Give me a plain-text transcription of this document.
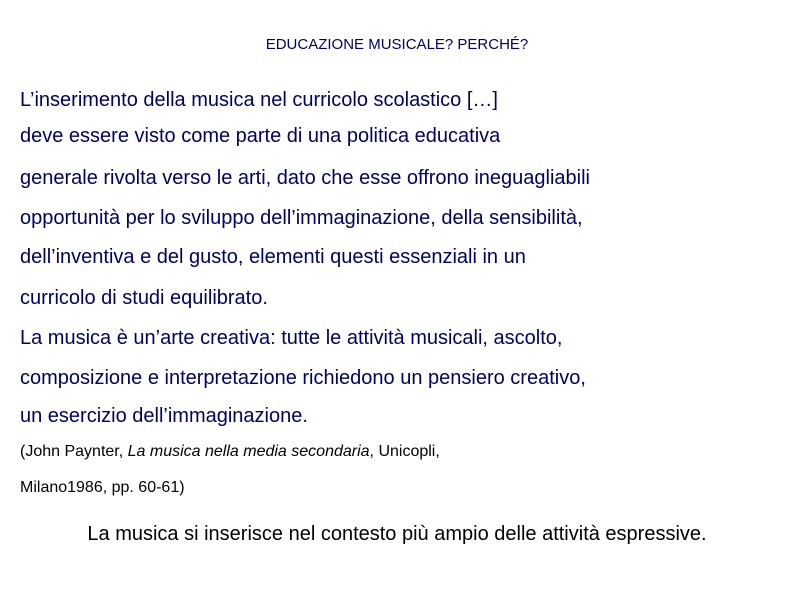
EDUCAZIONE MUSICALE? PERCHÉ?
L’inserimento della musica nel curricolo scolastico […]
deve essere visto come parte di una politica educativa
generale rivolta verso le arti, dato che esse offrono ineguagliabili
opportunità per lo sviluppo dell’immaginazione, della sensibilità,
dell’inventiva e del gusto, elementi questi essenziali in un
curricolo di studi equilibrato.
La musica è un’arte creativa: tutte le attività musicali, ascolto,
composizione e interpretazione richiedono un pensiero creativo,
un esercizio dell’immaginazione.
(John Paynter, La musica nella media secondaria, Unicopli,
Milano1986, pp. 60-61)
La musica si inserisce nel contesto più ampio delle attività espressive.
